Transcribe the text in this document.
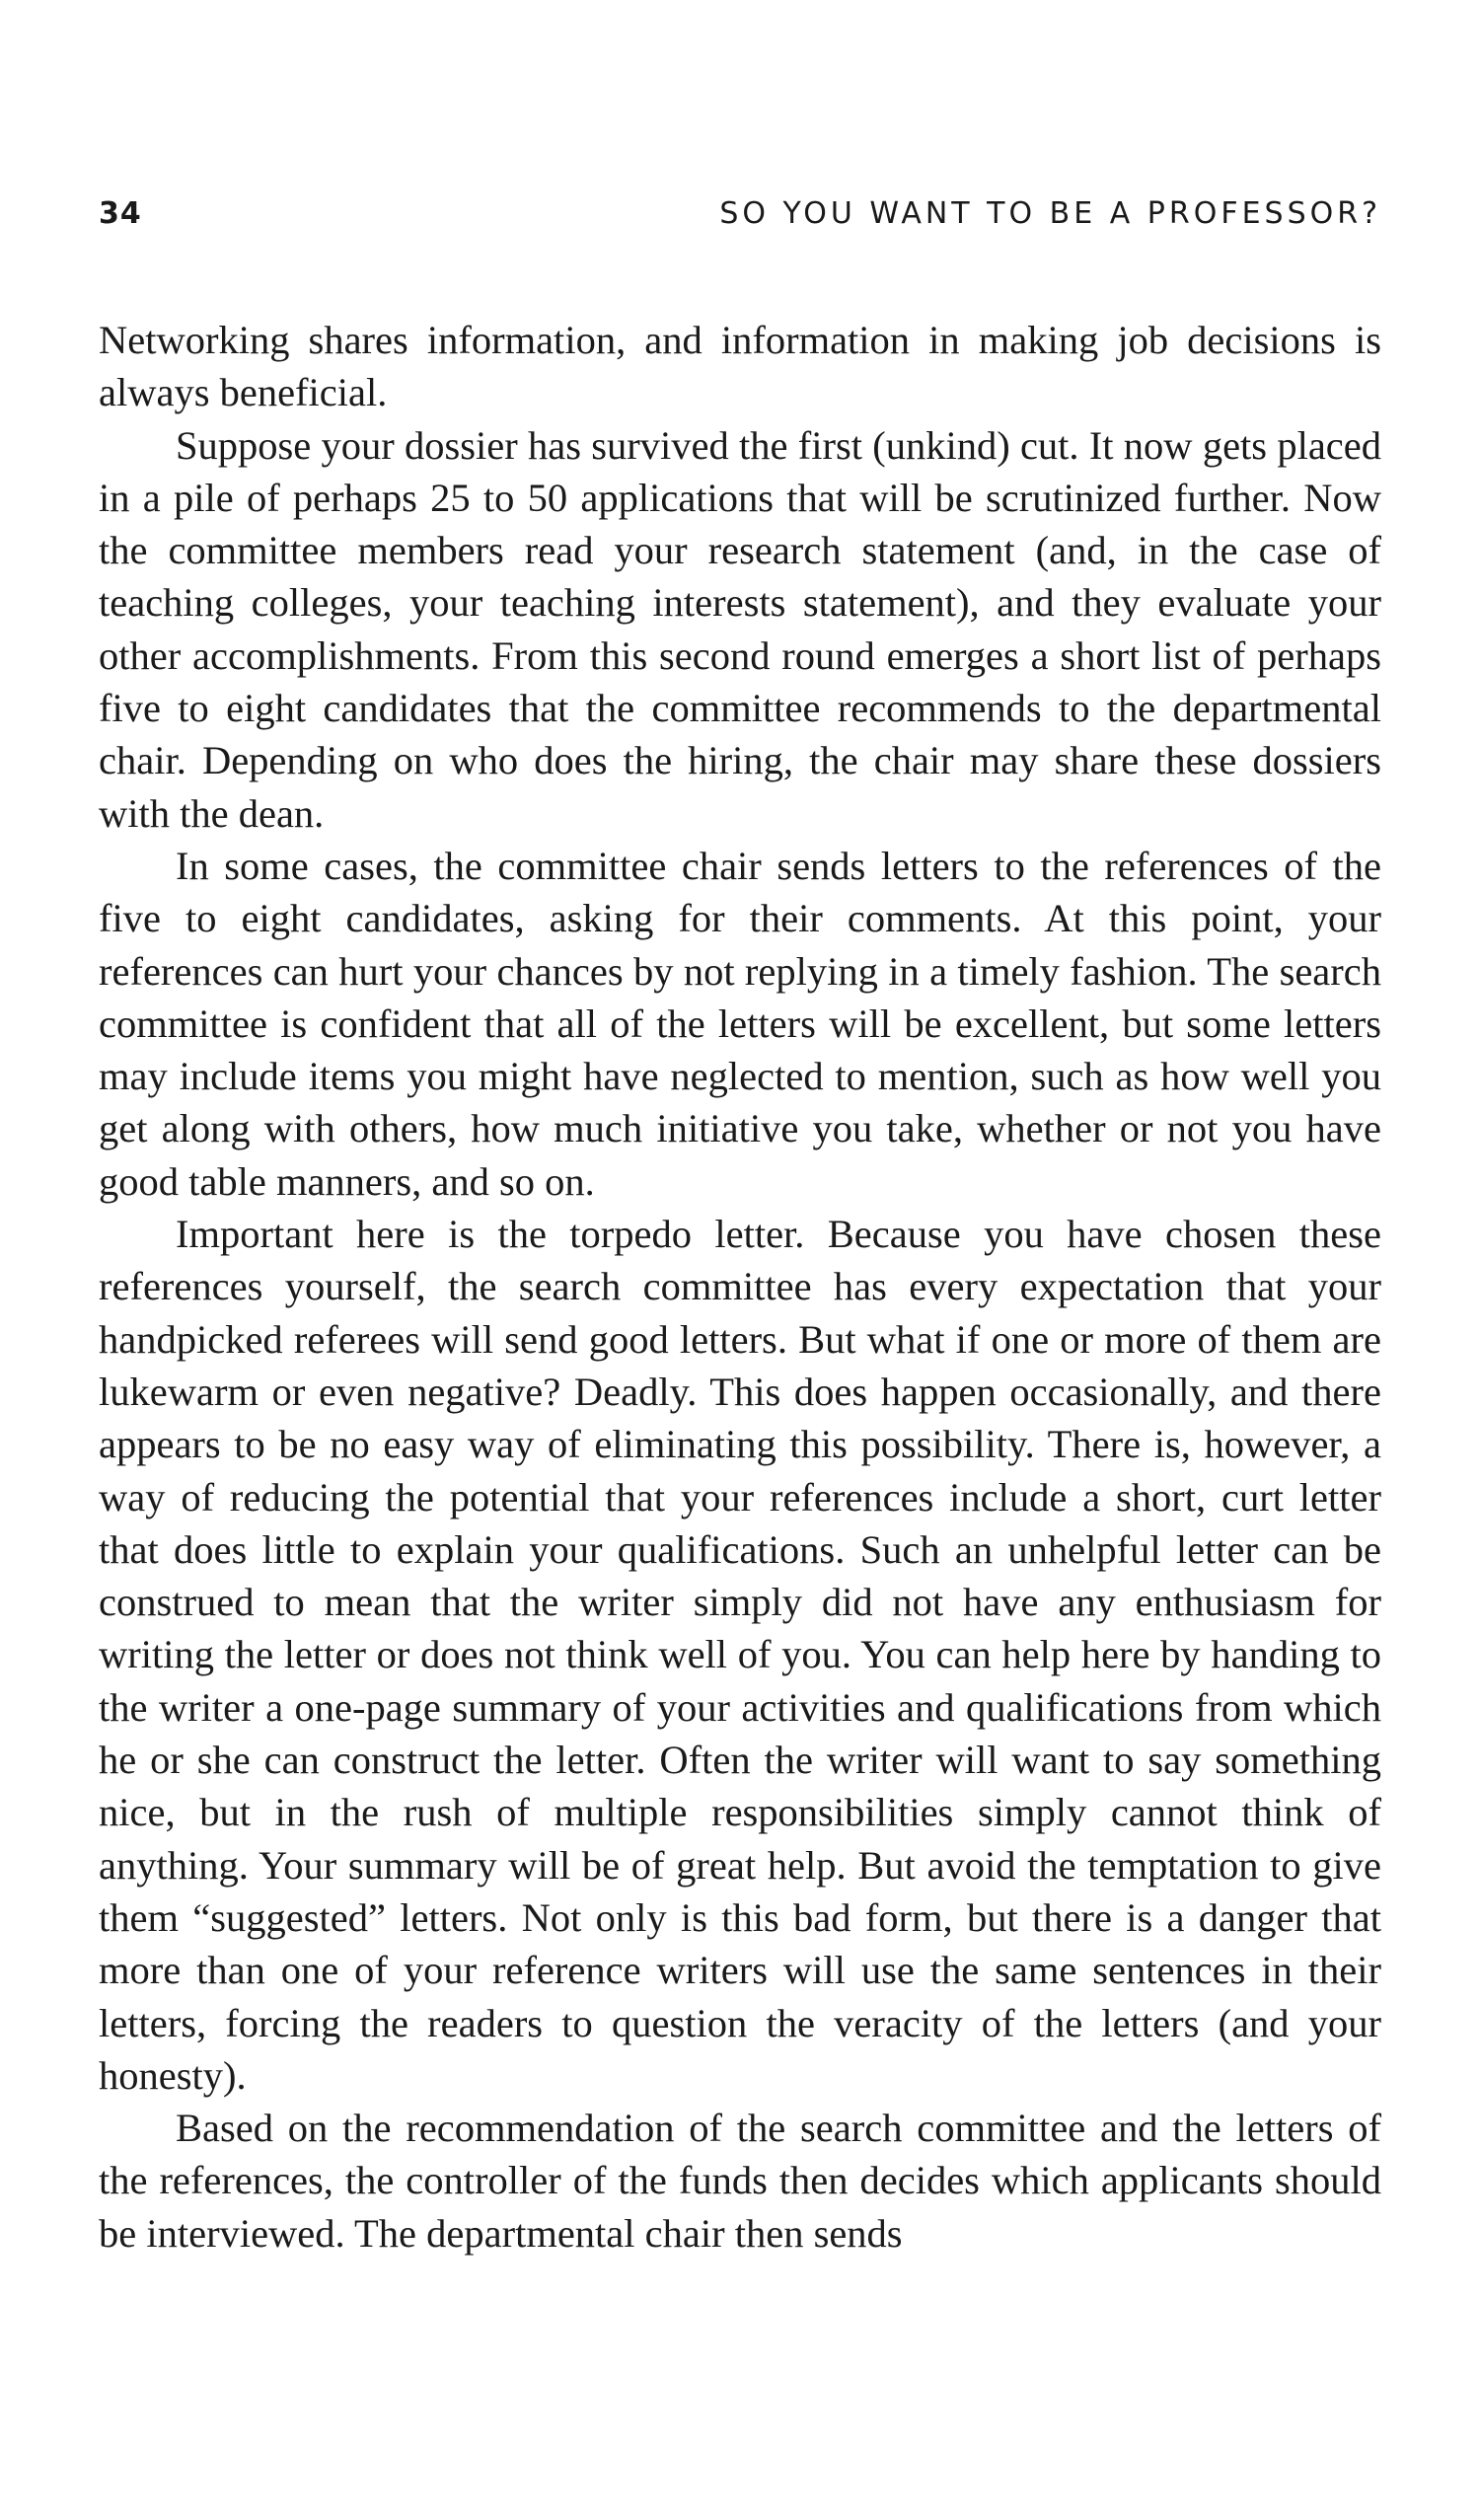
34	SO YOU WANT TO BE A PROFESSOR?

Networking shares information, and information in making job decisions is always beneficial.

Suppose your dossier has survived the first (unkind) cut. It now gets placed in a pile of perhaps 25 to 50 applications that will be scrutinized further. Now the committee members read your research statement (and, in the case of teaching colleges, your teaching interests statement), and they evaluate your other accomplishments. From this second round emerges a short list of perhaps five to eight candidates that the committee recommends to the departmental chair. Depending on who does the hiring, the chair may share these dossiers with the dean.

In some cases, the committee chair sends letters to the references of the five to eight candidates, asking for their comments. At this point, your references can hurt your chances by not replying in a timely fashion. The search committee is confident that all of the letters will be excellent, but some letters may include items you might have neglected to mention, such as how well you get along with others, how much initiative you take, whether or not you have good table manners, and so on.

Important here is the torpedo letter. Because you have chosen these references yourself, the search committee has every expectation that your handpicked referees will send good letters. But what if one or more of them are lukewarm or even negative? Deadly. This does happen occasionally, and there appears to be no easy way of eliminating this possibility. There is, however, a way of reducing the potential that your references include a short, curt letter that does little to explain your qualifications. Such an unhelpful letter can be construed to mean that the writer simply did not have any enthusiasm for writing the letter or does not think well of you. You can help here by handing to the writer a one-page summary of your activities and qualifications from which he or she can construct the letter. Often the writer will want to say something nice, but in the rush of multiple responsibilities simply cannot think of anything. Your summary will be of great help. But avoid the temptation to give them “suggested” letters. Not only is this bad form, but there is a danger that more than one of your reference writers will use the same sentences in their letters, forcing the readers to question the veracity of the letters (and your honesty).

Based on the recommendation of the search committee and the letters of the references, the controller of the funds then decides which applicants should be interviewed. The departmental chair then sends
